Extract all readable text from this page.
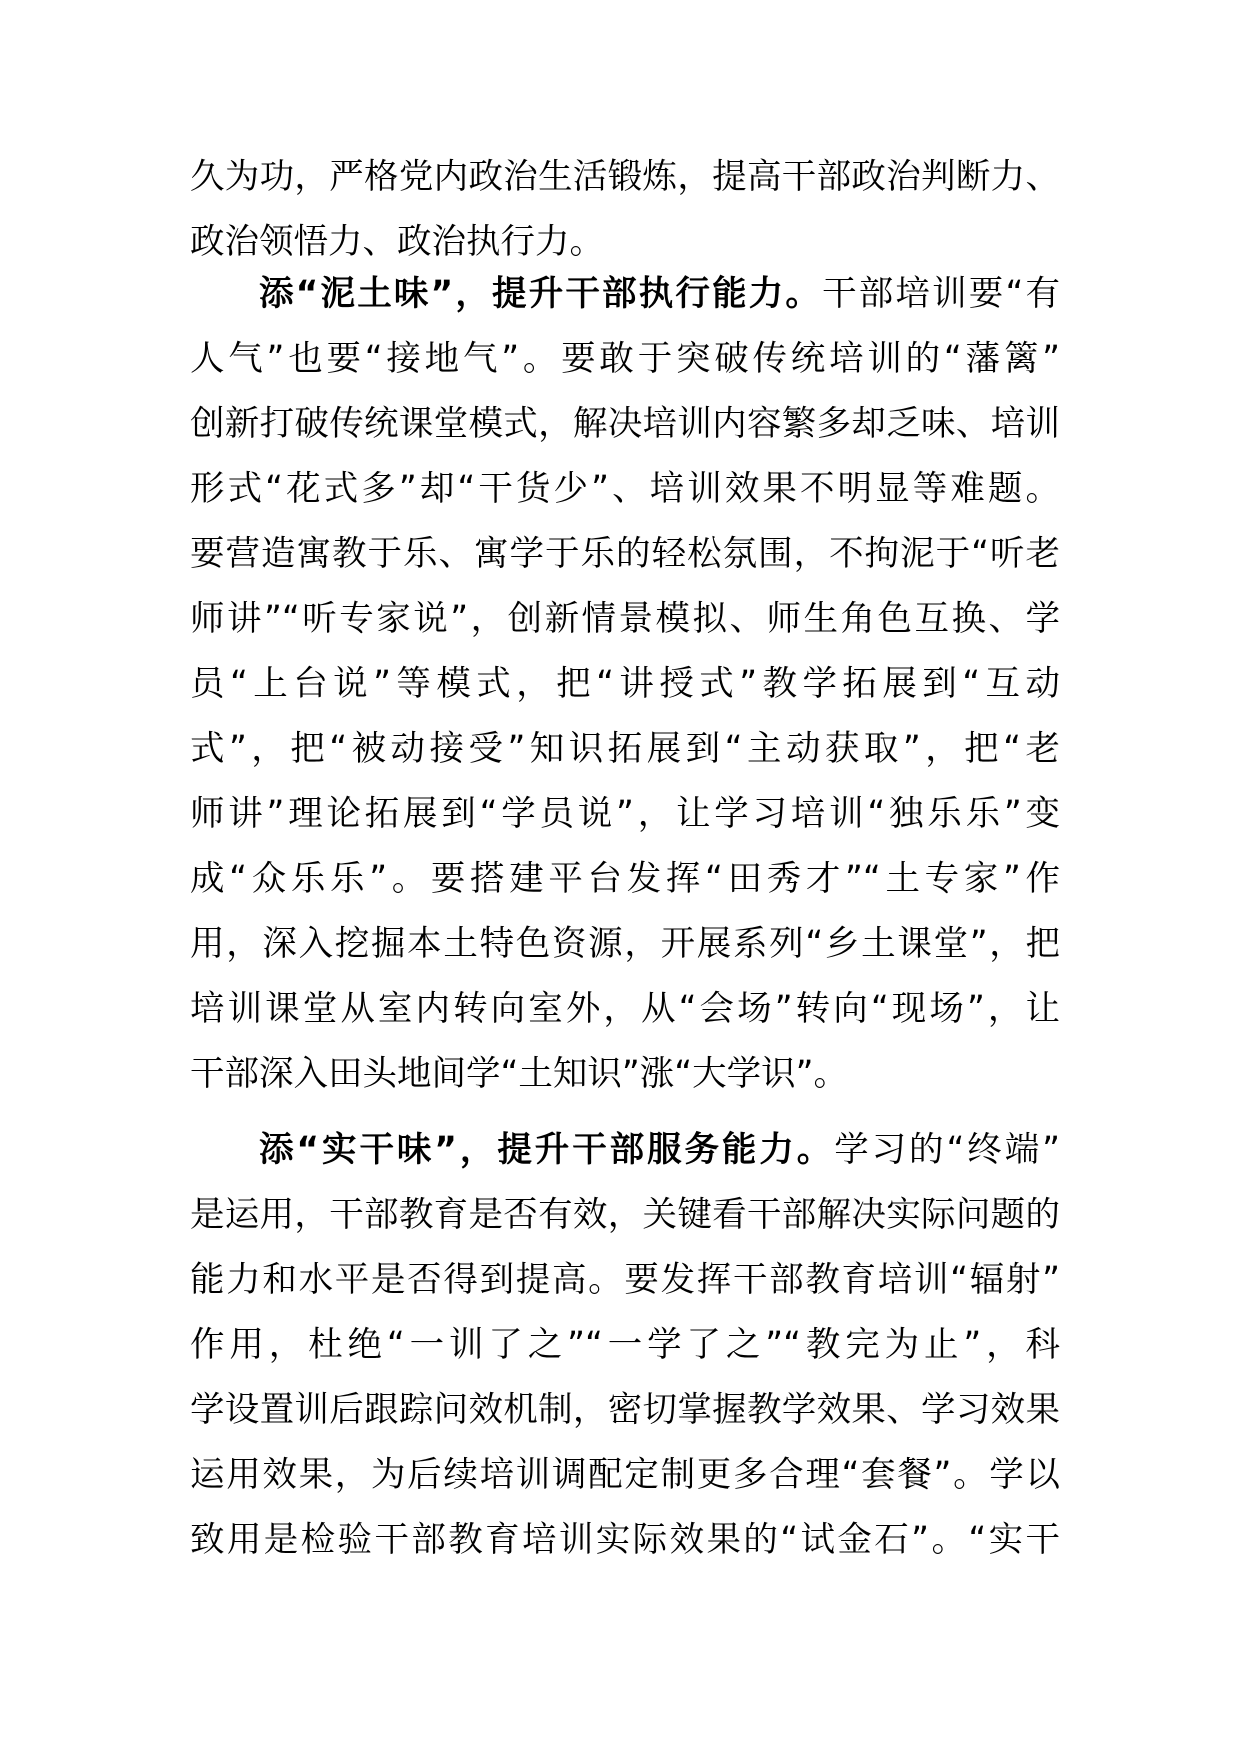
久为功，严格党内政治生活锻炼，提高干部政治判断力、
政治领悟力、政治执行力。
添“泥土味”，提升干部执行能力。干部培训要“有
人气”也要“接地气”。要敢于突破传统培训的“藩篱”
创新打破传统课堂模式，解决培训内容繁多却乏味、培训
形式“花式多”却“干货少”、培训效果不明显等难题。
要营造寓教于乐、寓学于乐的轻松氛围，不拘泥于“听老
师讲”“听专家说”，创新情景模拟、师生角色互换、学
员“上台说”等模式，把“讲授式”教学拓展到“互动
式”，把“被动接受”知识拓展到“主动获取”，把“老
师讲”理论拓展到“学员说”，让学习培训“独乐乐”变
成“众乐乐”。要搭建平台发挥“田秀才”“土专家”作
用，深入挖掘本土特色资源，开展系列“乡土课堂”，把
培训课堂从室内转向室外，从“会场”转向“现场”，让
干部深入田头地间学“土知识”涨“大学识”。
添“实干味”，提升干部服务能力。学习的“终端”
是运用，干部教育是否有效，关键看干部解决实际问题的
能力和水平是否得到提高。要发挥干部教育培训“辐射”
作用，杜绝“一训了之”“一学了之”“教完为止”，科
学设置训后跟踪问效机制，密切掌握教学效果、学习效果
运用效果，为后续培训调配定制更多合理“套餐”。学以
致用是检验干部教育培训实际效果的“试金石”。“实干
